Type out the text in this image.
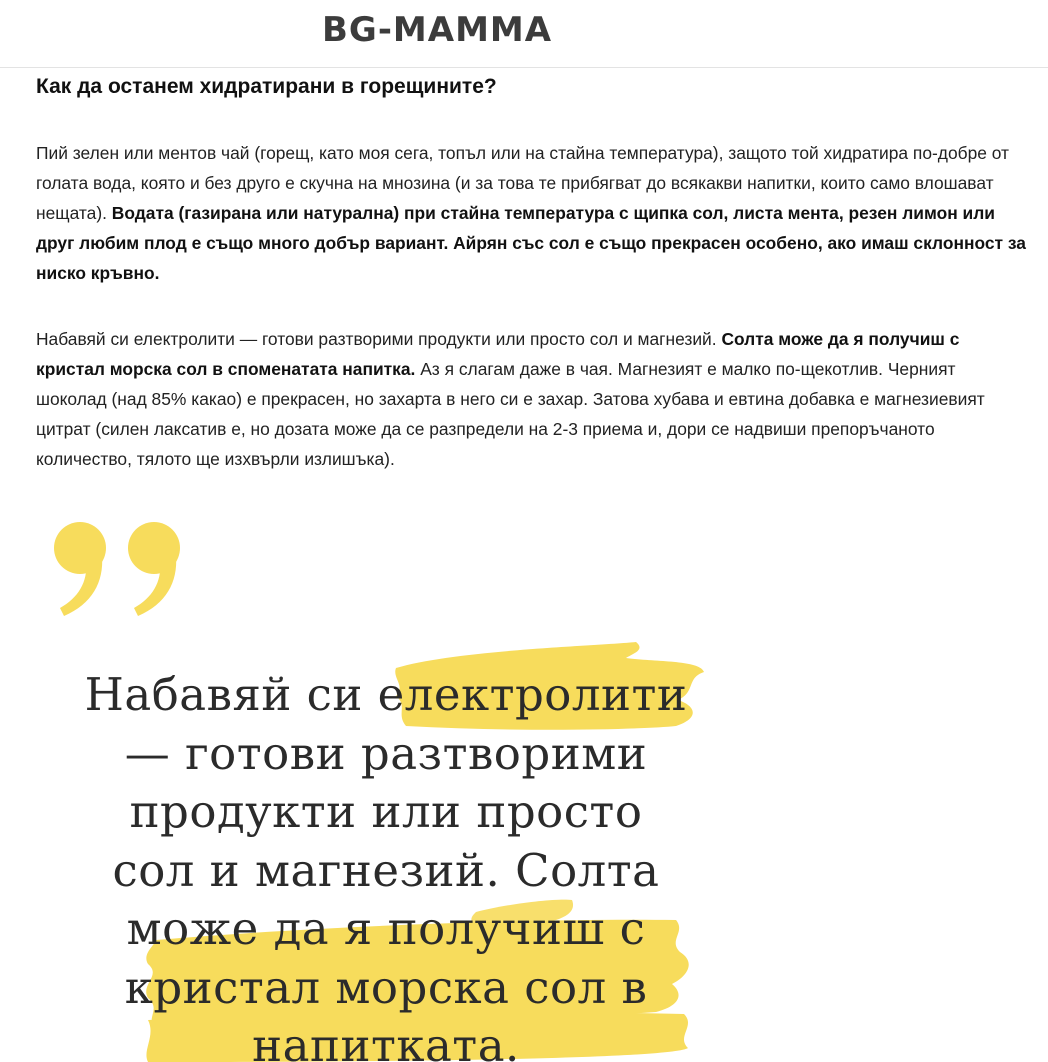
BG-MAMMA
Как да останем хидратирани в горещините?

Пий зелен или ментов чай (горещ, като моя сега, топъл или на стайна температура), защото той хидратира по-добре от голата вода, която и без друго е скучна на мнозина (и за това те прибягват до всякакви напитки, които само влошават нещата). Водата (газирана или натурална) при стайна температура с щипка сол, листа мента, резен лимон или друг любим плод е също много добър вариант. Айрян със сол е също прекрасен особено, ако имаш склонност за ниско кръвно.

Набавяй си електролити — готови разтворими продукти или просто сол и магнезий. Солта може да я получиш с кристал морска сол в споменатата напитка. Аз я слагам даже в чая. Магнезият е малко по-щекотлив. Черният шоколад (над 85% какао) е прекрасен, но захарта в него си е захар. Затова хубава и евтина добавка е магнезиевият цитрат (силен лаксатив е, но дозата може да се разпредели на 2-3 приема и, дори се надвиши препоръчаното количество, тялото ще изхвърли излишъка).

Набавяй си електролити
— готови разтворими
продукти или просто
сол и магнезий. Солта
може да я получиш с
кристал морска сол в
напитката.
